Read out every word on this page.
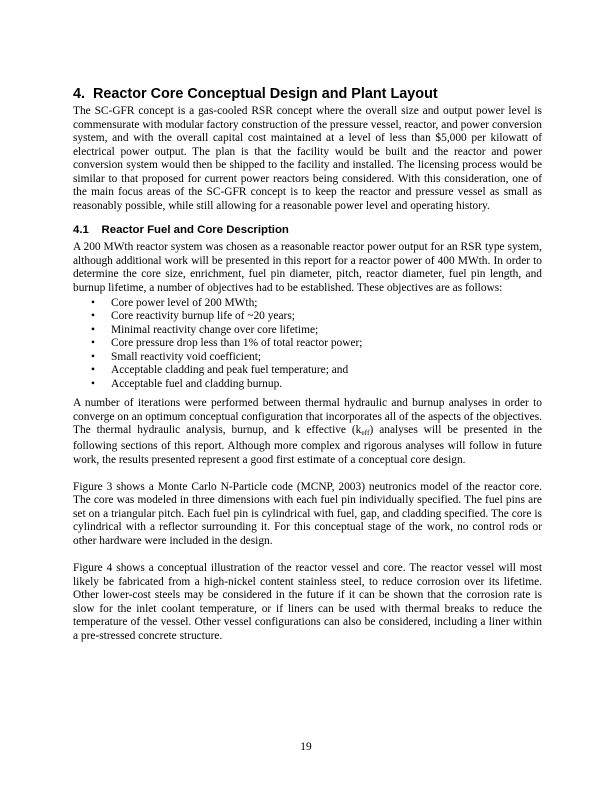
4. Reactor Core Conceptual Design and Plant Layout

The SC-GFR concept is a gas-cooled RSR concept where the overall size and output power level is commensurate with modular factory construction of the pressure vessel, reactor, and power conversion system, and with the overall capital cost maintained at a level of less than $5,000 per kilowatt of electrical power output. The plan is that the facility would be built and the reactor and power conversion system would then be shipped to the facility and installed. The licensing process would be similar to that proposed for current power reactors being considered. With this consideration, one of the main focus areas of the SC-GFR concept is to keep the reactor and pressure vessel as small as reasonably possible, while still allowing for a reasonable power level and operating history.

4.1 Reactor Fuel and Core Description

A 200 MWth reactor system was chosen as a reasonable reactor power output for an RSR type system, although additional work will be presented in this report for a reactor power of 400 MWth. In order to determine the core size, enrichment, fuel pin diameter, pitch, reactor diameter, fuel pin length, and burnup lifetime, a number of objectives had to be established. These objectives are as follows:

• Core power level of 200 MWth;
• Core reactivity burnup life of ~20 years;
• Minimal reactivity change over core lifetime;
• Core pressure drop less than 1% of total reactor power;
• Small reactivity void coefficient;
• Acceptable cladding and peak fuel temperature; and
• Acceptable fuel and cladding burnup.

A number of iterations were performed between thermal hydraulic and burnup analyses in order to converge on an optimum conceptual configuration that incorporates all of the aspects of the objectives. The thermal hydraulic analysis, burnup, and k effective $(k_{eff})$ analyses will be presented in the following sections of this report. Although more complex and rigorous analyses will follow in future work, the results presented represent a good first estimate of a conceptual core design.

Figure 3 shows a Monte Carlo N-Particle code (MCNP, 2003) neutronics model of the reactor core. The core was modeled in three dimensions with each fuel pin individually specified. The fuel pins are set on a triangular pitch. Each fuel pin is cylindrical with fuel, gap, and cladding specified. The core is cylindrical with a reflector surrounding it. For this conceptual stage of the work, no control rods or other hardware were included in the design.

Figure 4 shows a conceptual illustration of the reactor vessel and core. The reactor vessel will most likely be fabricated from a high-nickel content stainless steel, to reduce corrosion over its lifetime. Other lower-cost steels may be considered in the future if it can be shown that the corrosion rate is slow for the inlet coolant temperature, or if liners can be used with thermal breaks to reduce the temperature of the vessel. Other vessel configurations can also be considered, including a liner within a pre-stressed concrete structure.

19
